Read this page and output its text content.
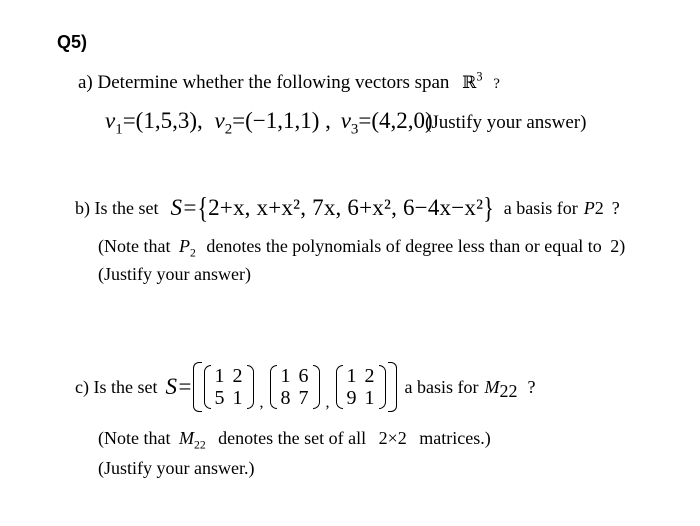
Q5)
a) Determine whether the following vectors span ℝ$^3$ ?
$v_1=(1,5,3)$, $v_2=(-1,1,1)$ , $v_3=(4,2,0)$
(Justify your answer)
b) Is the set S= { 2+x, x+x², 7x, 6+x², 6−4x−x² } a basis for P 2 ?
(Note that $P_2$ denotes the polynomials of degree less than or equal to 2)
(Justify your answer)
c) Is the set S= 1 2
5 1 ,
1 6
8 7 ,
1 2
9 1
a basis for $M_{22}$ ?
(Note that $M_{22}$ denotes the set of all 2×2 matrices.)
(Justify your answer.)
